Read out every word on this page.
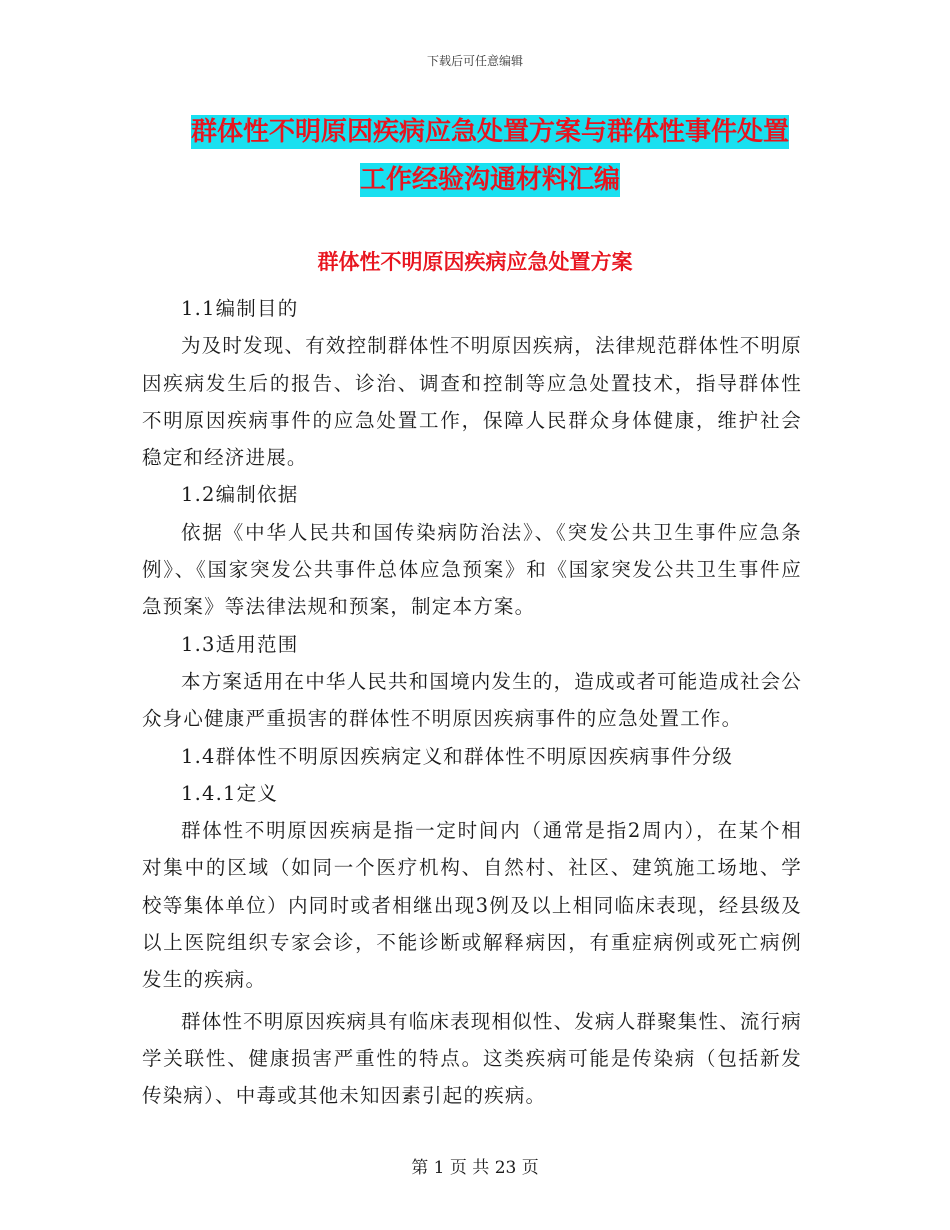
下载后可任意编辑
群体性不明原因疾病应急处置方案与群体性事件处置
工作经验沟通材料汇编
群体性不明原因疾病应急处置方案

1.1编制目的

为及时发现、有效控制群体性不明原因疾病，法律规范群体性不明原因疾病发生后的报告、诊治、调查和控制等应急处置技术，指导群体性不明原因疾病事件的应急处置工作，保障人民群众身体健康，维护社会稳定和经济进展。

1.2编制依据

依据《中华人民共和国传染病防治法》、《突发公共卫生事件应急条例》、《国家突发公共事件总体应急预案》和《国家突发公共卫生事件应急预案》等法律法规和预案，制定本方案。

1.3适用范围

本方案适用在中华人民共和国境内发生的，造成或者可能造成社会公众身心健康严重损害的群体性不明原因疾病事件的应急处置工作。

1.4群体性不明原因疾病定义和群体性不明原因疾病事件分级

1.4.1定义

群体性不明原因疾病是指一定时间内（通常是指2周内），在某个相对集中的区域（如同一个医疗机构、自然村、社区、建筑施工场地、学校等集体单位）内同时或者相继出现3例及以上相同临床表现，经县级及以上医院组织专家会诊，不能诊断或解释病因，有重症病例或死亡病例发生的疾病。

群体性不明原因疾病具有临床表现相似性、发病人群聚集性、流行病学关联性、健康损害严重性的特点。这类疾病可能是传染病（包括新发传染病）、中毒或其他未知因素引起的疾病。

第 1 页 共 23 页
